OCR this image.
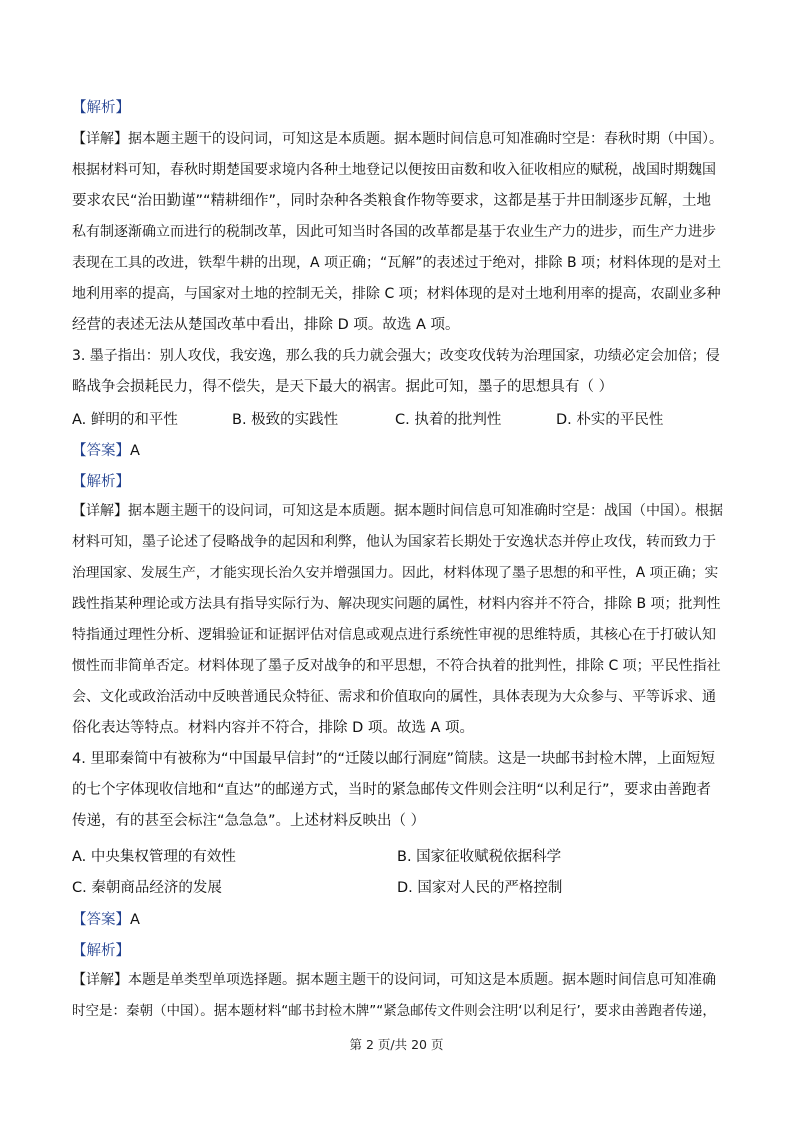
【解析】
【详解】据本题主题干的设问词，可知这是本质题。据本题时间信息可知准确时空是：春秋时期（中国）。
根据材料可知，春秋时期楚国要求境内各种土地登记以便按田亩数和收入征收相应的赋税，战国时期魏国
要求农民“治田勤谨”“精耕细作”，同时杂种各类粮食作物等要求，这都是基于井田制逐步瓦解，土地
私有制逐渐确立而进行的税制改革，因此可知当时各国的改革都是基于农业生产力的进步，而生产力进步
表现在工具的改进，铁犁牛耕的出现，A 项正确；“瓦解”的表述过于绝对，排除 B 项；材料体现的是对土
地利用率的提高，与国家对土地的控制无关，排除 C 项；材料体现的是对土地利用率的提高，农副业多种
经营的表述无法从楚国改革中看出，排除 D 项。故选 A 项。
3. 墨子指出：别人攻伐，我安逸，那么我的兵力就会强大；改变攻伐转为治理国家，功绩必定会加倍；侵
略战争会损耗民力，得不偿失，是天下最大的祸害。据此可知，墨子的思想具有（ ）
A. 鲜明的和平性	B. 极致的实践性	C. 执着的批判性	D. 朴实的平民性
【答案】A
【解析】
【详解】据本题主题干的设问词，可知这是本质题。据本题时间信息可知准确时空是：战国（中国）。根据
材料可知，墨子论述了侵略战争的起因和利弊，他认为国家若长期处于安逸状态并停止攻伐，转而致力于
治理国家、发展生产，才能实现长治久安并增强国力。因此，材料体现了墨子思想的和平性，A 项正确；实
践性指某种理论或方法具有指导实际行为、解决现实问题的属性，材料内容并不符合，排除 B 项；批判性
特指通过理性分析、逻辑验证和证据评估对信息或观点进行系统性审视的思维特质，其核心在于打破认知
惯性而非简单否定。材料体现了墨子反对战争的和平思想，不符合执着的批判性，排除 C 项；平民性指社
会、文化或政治活动中反映普通民众特征、需求和价值取向的属性，具体表现为大众参与、平等诉求、通
俗化表达等特点。材料内容并不符合，排除 D 项。故选 A 项。
4. 里耶秦简中有被称为“中国最早信封”的“迁陵以邮行洞庭”简牍。这是一块邮书封检木牌，上面短短
的七个字体现收信地和“直达”的邮递方式，当时的紧急邮传文件则会注明“以利足行”，要求由善跑者
传递，有的甚至会标注“急急急”。上述材料反映出（ ）
A. 中央集权管理的有效性	B. 国家征收赋税依据科学
C. 秦朝商品经济的发展	D. 国家对人民的严格控制
【答案】A
【解析】
【详解】本题是单类型单项选择题。据本题主题干的设问词，可知这是本质题。据本题时间信息可知准确
时空是：秦朝（中国）。据本题材料“邮书封检木牌”“紧急邮传文件则会注明‘以利足行’，要求由善跑者传递，
第 2 页/共 20 页
